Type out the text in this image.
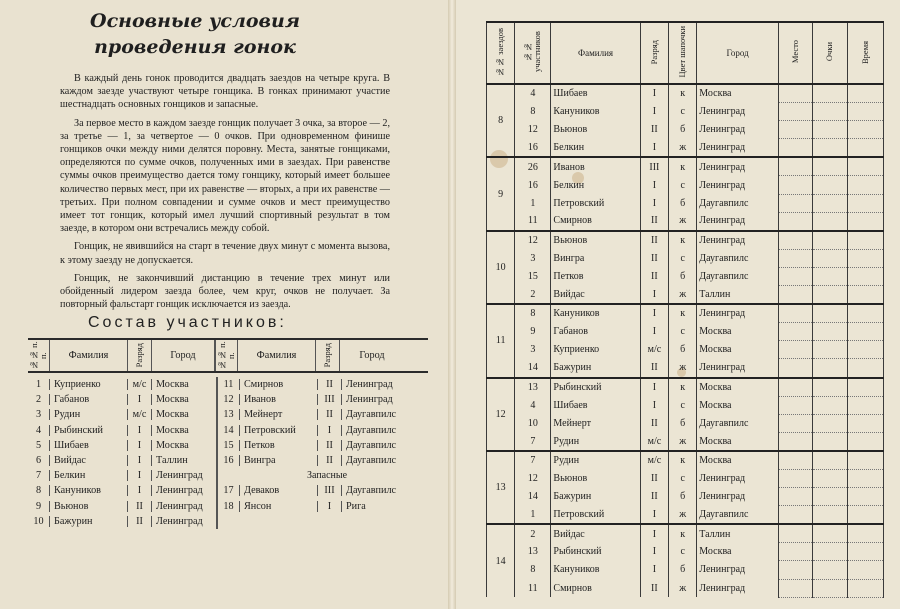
Основные условия
проведения гонок

В каждый день гонок проводится двадцать заездов на четыре круга. В каждом заезде участвуют четыре гонщика. В гонках принимают участие шестнадцать основных гонщиков и запасные.

За первое место в каждом заезде гонщик получает 3 очка, за второе — 2, за третье — 1, за четвертое — 0 очков. При одновременном финише гонщиков очки между ними делятся поровну. Места, занятые гонщиками, определяются по сумме очков, полученных ими в заездах. При равенстве суммы очков преимущество дается тому гонщику, который имеет большее количество первых мест, при их равенстве — вторых, а при их равенстве — третьих. При полном совпадении и сумме очков и мест преимущество имеет тот гонщик, который имел лучший спортивный результат в том заезде, в котором они встречались между собой.

Гонщик, не явившийся на старт в течение двух минут с момента вызова, к этому заезду не допускается.

Гонщик, не закончивший дистанцию в течение трех минут или обойденный лидером заезда более, чем круг, очков не получает. За повторный фальстарт гонщик исключается из заезда.

Состав участников:
№№ п. п.	Фамилия	Разряд	Город	№№ п. п.	Фамилия	Разряд	Город
1	Куприенко	м/с Москва
2	Габанов	I	Москва
3	Рудин	м/с Москва
4	Рыбинский	I	Москва
5	Шибаев	I	Москва
6	Вийдас	I	Таллин
7	Белкин	I	Ленинград
8	Кануников	I	Ленинград
9	Вьюнов	II	Ленинград
10	Бажурин	II	Ленинград
11	Смирнов	II	Ленинград
12	Иванов	III	Ленинград
13	Мейнерт	II	Даугавпилс
14	Петровский	I	Даугавпилс
15	Петков	II	Даугавпилс
16	Вингра	II	Даугавпилс
Запасные
17	Деваков	III	Даугавпилс
18	Янсон	I	Рига
№№ заездов	№№ участников	Фамилия	Разряд	Цвет шапочки	Город	Место	Очки	Время
8	4	Шибаев	I	к	Москва			
	8	Кануников	I	с	Ленинград			
	12	Вьюнов	II	б	Ленинград			
	16	Белкин	I	ж	Ленинград			
9	26	Иванов	III	к	Ленинград			
	16	Белкин	I	с	Ленинград			
	1	Петровский	I	б	Даугавпилс			
	11	Смирнов	II	ж	Ленинград			
10	12	Вьюнов	II	к	Ленинград			
	3	Вингра	II	с	Даугавпилс			
	15	Петков	II	б	Даугавпилс			
	2	Вийдас	I	ж	Таллин			
11	8	Кануников	I	к	Ленинград			
	9	Габанов	I	с	Москва			
	3	Куприенко	м/с	б	Москва			
	14	Бажурин	II	ж	Ленинград			
12	13	Рыбинский	I	к	Москва			
	4	Шибаев	I	с	Москва			
	10	Мейнерт	II	б	Даугавпилс			
	7	Рудин	м/с	ж	Москва			
13	7	Рудин	м/с	к	Москва			
	12	Вьюнов	II	с	Ленинград			
	14	Бажурин	II	б	Ленинград			
	1	Петровский	I	ж	Даугавпилс			
14	2	Вийдас	I	к	Таллин			
	13	Рыбинский	I	с	Москва			
	8	Кануников	I	б	Ленинград			
	11	Смирнов	II	ж	Ленинград			
